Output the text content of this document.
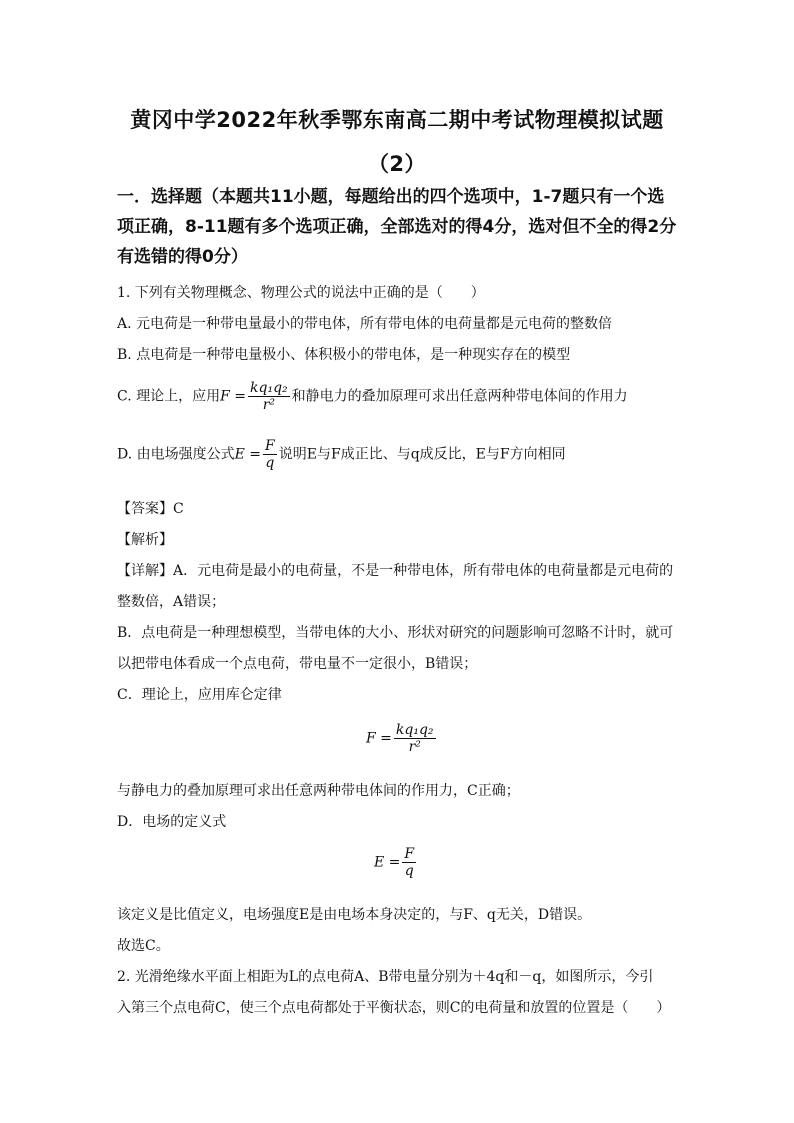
黄冈中学2022年秋季鄂东南高二期中考试物理模拟试题
（2）
一．选择题（本题共11小题，每题给出的四个选项中，1-7题只有一个选项正确，8-11题有多个选项正确，全部选对的得4分，选对但不全的得2分有选错的得0分）
1. 下列有关物理概念、物理公式的说法中正确的是（　　）
A. 元电荷是一种带电量最小的带电体，所有带电体的电荷量都是元电荷的整数倍
B. 点电荷是一种带电量极小、体积极小的带电体，是一种现实存在的模型
C. 理论上，应用$F = \frac{\text{kq₁q₂}}{\text{r²}}$ 和静电力的叠加原理可求出任意两种带电体间的作用力
D. 由电场强度公式$E = \frac{F}{q}$ 说明E与F成正比、与q成反比，E与F方向相同
【答案】C
【解析】
【详解】A．元电荷是最小的电荷量，不是一种带电体，所有带电体的电荷量都是元电荷的
整数倍，A错误；
B．点电荷是一种理想模型，当带电体的大小、形状对研究的问题影响可忽略不计时，就可
以把带电体看成一个点电荷，带电量不一定很小，B错误；
C．理论上，应用库仑定律
$F = \frac{\text{kq₁q₂}}{\text{r²}}$
与静电力的叠加原理可求出任意两种带电体间的作用力，C正确；
D．电场的定义式
$E = \frac{F}{q}$
该定义是比值定义，电场强度E是由电场本身决定的，与F、q无关，D错误。
故选C。
2. 光滑绝缘水平面上相距为L的点电荷A、B带电量分别为＋4q和－q，如图所示，今引
入第三个点电荷C，使三个点电荷都处于平衡状态，则C的电荷量和放置的位置是（　　）
